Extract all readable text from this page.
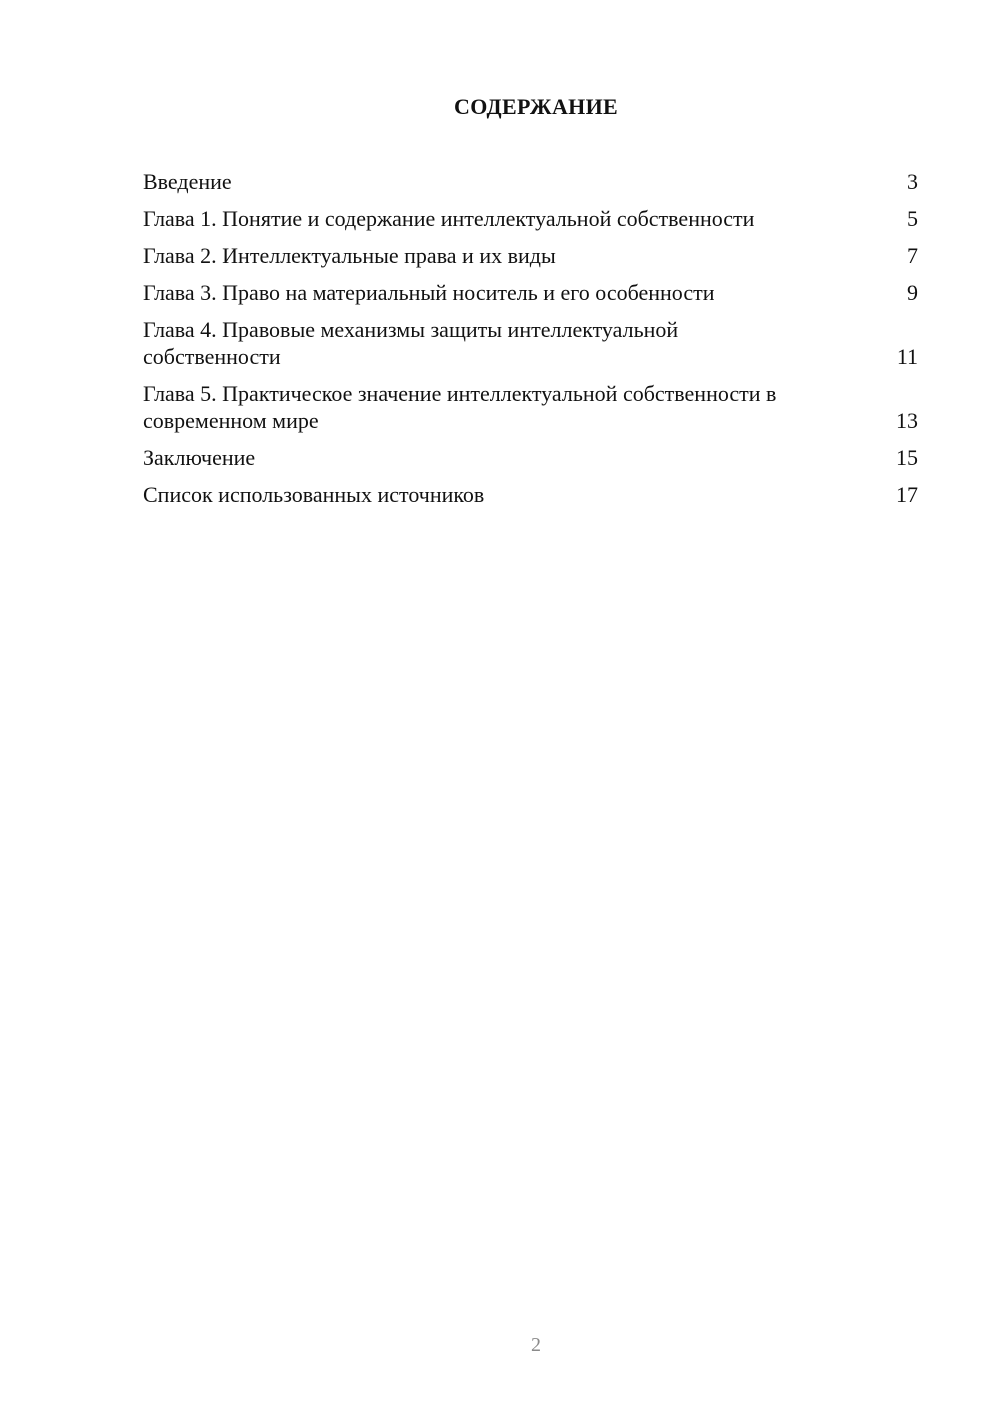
СОДЕРЖАНИЕ
Введение	3
Глава 1. Понятие и содержание интеллектуальной собственности	5
Глава 2. Интеллектуальные права и их виды	7
Глава 3. Право на материальный носитель и его особенности	9
Глава 4. Правовые механизмы защиты интеллектуальной собственности	11
Глава 5. Практическое значение интеллектуальной собственности в современном мире	13
Заключение	15
Список использованных источников	17
2
